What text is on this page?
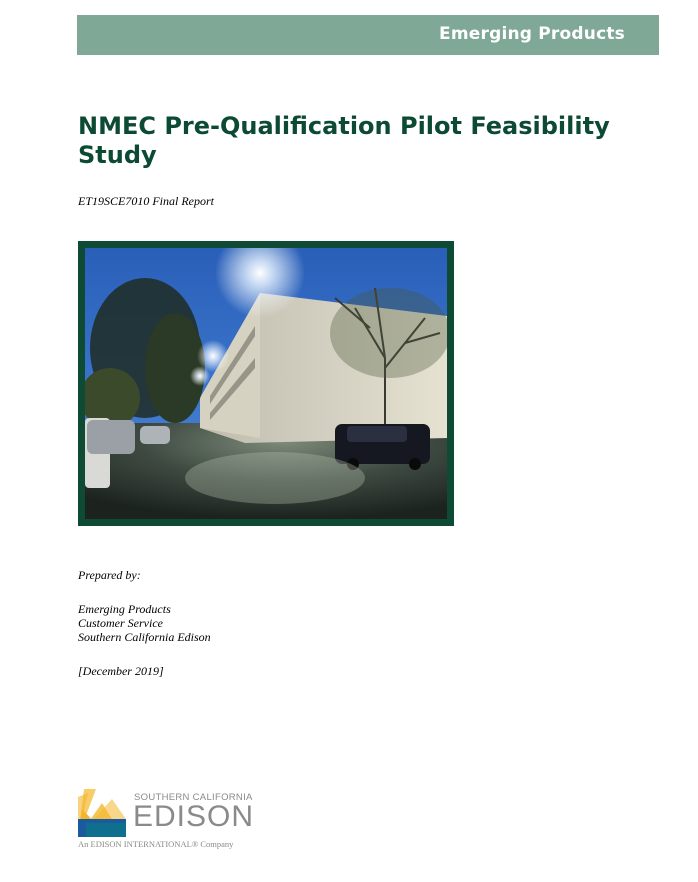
Emerging Products
NMEC Pre-Qualification Pilot Feasibility Study
ET19SCE7010 Final Report
Prepared by:
Emerging Products
Customer Service
Southern California Edison
[December 2019]
SOUTHERN CALIFORNIA
EDISON
An EDISON INTERNATIONAL® Company
